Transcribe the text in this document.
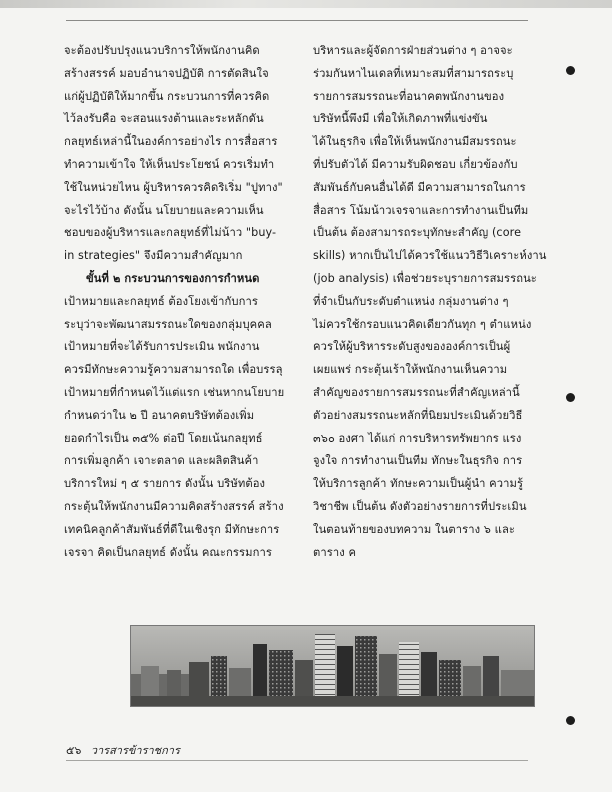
จะต้องปรับปรุงแนวบริการให้พนักงานคิด

สร้างสรรค์ มอบอำนาจปฏิบัติ การตัดสินใจ

แก่ผู้ปฏิบัติให้มากขึ้น กระบวนการที่ควรคิด

ไว้ลงรับคือ จะสอนแรงต้านและระหลักดัน

กลยุทธ์เหล่านี้ในองค์การอย่างไร การสื่อสาร

ทำความเข้าใจ ให้เห็นประโยชน์ ควรเริ่มทำ

ใช้ในหน่วยไหน ผู้บริหารควรคิดริเริ่ม "ปูทาง"

จะไรไว้บ้าง ดังนั้น นโยบายและความเห็น

ชอบของผู้บริหารและกลยุทธ์ที่ไม่น้าว "buy-

in strategies" จึงมีความสำคัญมาก

ขั้นที่ ๒ กระบวนการของการกำหนด

เป้าหมายและกลยุทธ์ ต้องโยงเข้ากับการ

ระบุว่าจะพัฒนาสมรรถนะใดของกลุ่มบุคคล

เป้าหมายที่จะได้รับการประเมิน พนักงาน

ควรมีทักษะความรู้ความสามารถใด เพื่อบรรลุ

เป้าหมายที่กำหนดไว้แต่แรก เช่นหากนโยบาย

กำหนดว่าใน ๒ ปี อนาคตบริษัทต้องเพิ่ม

ยอดกำไรเป็น ๓๕% ต่อปี โดยเน้นกลยุทธ์

การเพิ่มลูกค้า เจาะตลาด และผลิตสินค้า

บริการใหม่ ๆ ๕ รายการ ดังนั้น บริษัทต้อง

กระตุ้นให้พนักงานมีความคิดสร้างสรรค์ สร้าง

เทคนิคลูกค้าสัมพันธ์ที่ดีในเชิงรุก มีทักษะการ

เจรจา คิดเป็นกลยุทธ์ ดังนั้น คณะกรรมการ

บริหารและผู้จัดการฝ่ายส่วนต่าง ๆ อาจจะ

ร่วมกันหาไนเดลที่เหมาะสมที่สามารถระบุ

รายการสมรรถนะที่อนาคตพนักงานของ

บริษัทนี้พึงมี เพื่อให้เกิดภาพที่แข่งขัน

ได้ในธุรกิจ เพื่อให้เห็นพนักงานมีสมรรถนะ

ที่ปรับตัวได้ มีความรับผิดชอบ เกี่ยวข้องกับ

สัมพันธ์กับคนอื่นได้ดี มีความสามารถในการ

สื่อสาร โน้มน้าวเจรจาและการทำงานเป็นทีม

เป็นต้น ต้องสามารถระบุทักษะสำคัญ (core

skills) หากเป็นไปได้ควรใช้แนววิธีวิเคราะห์งาน

(job analysis) เพื่อช่วยระบุรายการสมรรถนะ

ที่จำเป็นกับระดับตำแหน่ง กลุ่มงานต่าง ๆ

ไม่ควรใช้กรอบแนวคิดเดียวกันทุก ๆ ตำแหน่ง

ควรให้ผู้บริหารระดับสูงขององค์การเป็นผู้

เผยแพร่ กระตุ้นเร้าให้พนักงานเห็นความ

สำคัญของรายการสมรรถนะที่สำคัญเหล่านี้

ตัวอย่างสมรรถนะหลักที่นิยมประเมินด้วยวิธี

๓๖๐ องศา ได้แก่ การบริหารทรัพยากร แรง

จูงใจ การทำงานเป็นทีม ทักษะในธุรกิจ การ

ให้บริการลูกค้า ทักษะความเป็นผู้นำ ความรู้

วิชาชีพ เป็นต้น ดังตัวอย่างรายการที่ประเมิน

ในตอนท้ายของบทความ ในตาราง ๖ และ

ตาราง ค

๕๖ วารสารข้าราชการ
